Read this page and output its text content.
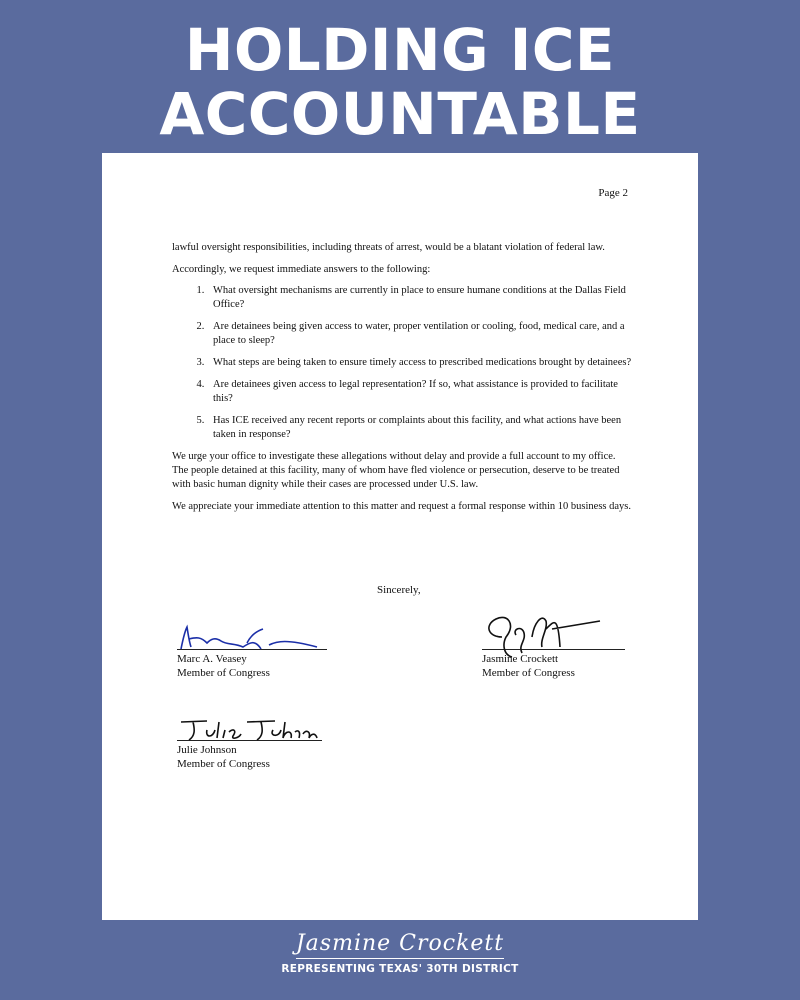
HOLDING ICE
ACCOUNTABLE
Page 2

lawful oversight responsibilities, including threats of arrest, would be a blatant violation of federal law.

Accordingly, we request immediate answers to the following:

1. What oversight mechanisms are currently in place to ensure humane conditions at the Dallas Field Office?
2. Are detainees being given access to water, proper ventilation or cooling, food, medical care, and a place to sleep?
3. What steps are being taken to ensure timely access to prescribed medications brought by detainees?
4. Are detainees given access to legal representation? If so, what assistance is provided to facilitate this?
5. Has ICE received any recent reports or complaints about this facility, and what actions have been taken in response?

We urge your office to investigate these allegations without delay and provide a full account to my office. The people detained at this facility, many of whom have fled violence or persecution, deserve to be treated with basic human dignity while their cases are processed under U.S. law.

We appreciate your immediate attention to this matter and request a formal response within 10 business days.

Sincerely,
Marc A. Veasey
Member of Congress
Jasmine Crockett
Member of Congress
Julie Johnson
Member of Congress
Jasmine Crockett
REPRESENTING TEXAS' 30TH DISTRICT
